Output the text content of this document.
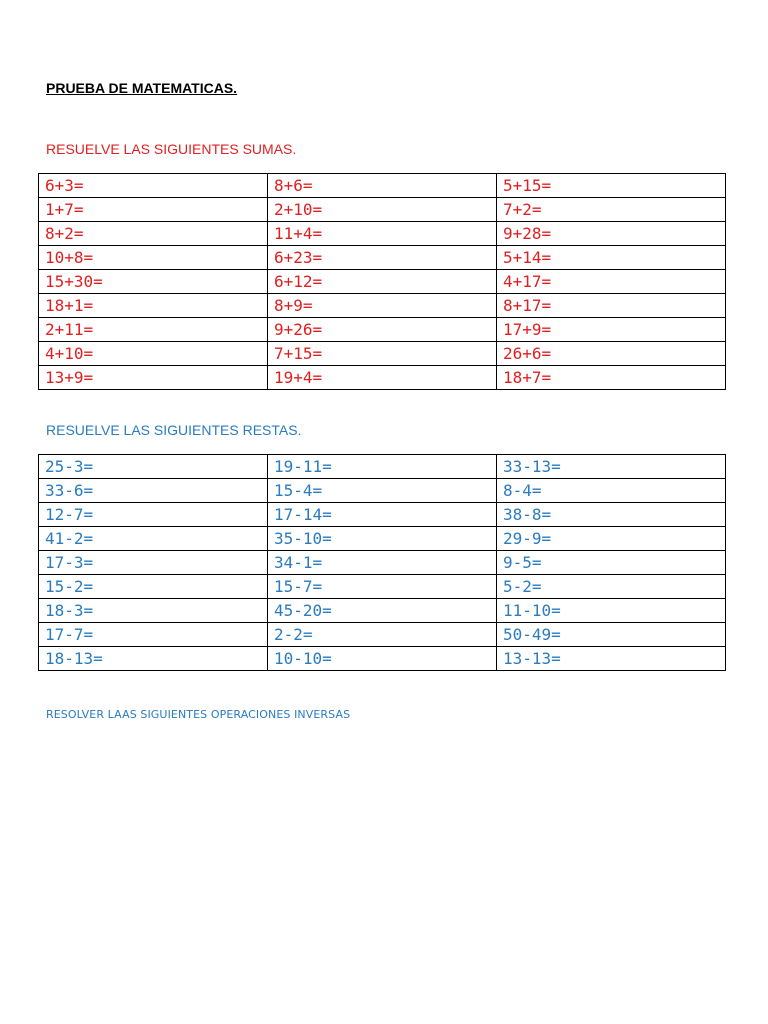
PRUEBA DE MATEMATICAS.
RESUELVE LAS SIGUIENTES SUMAS.
6+3=	8+6=	5+15=
1+7=	2+10=	7+2=
8+2=	11+4=	9+28=
10+8=	6+23=	5+14=
15+30=	6+12=	4+17=
18+1=	8+9=	8+17=
2+11=	9+26=	17+9=
4+10=	7+15=	26+6=
13+9=	19+4=	18+7=
RESUELVE LAS SIGUIENTES RESTAS.
25-3=	19-11=	33-13=
33-6=	15-4=	8-4=
12-7=	17-14=	38-8=
41-2=	35-10=	29-9=
17-3=	34-1=	9-5=
15-2=	15-7=	5-2=
18-3=	45-20=	11-10=
17-7=	2-2=	50-49=
18-13=	10-10=	13-13=
RESOLVER LAAS SIGUIENTES OPERACIONES INVERSAS
